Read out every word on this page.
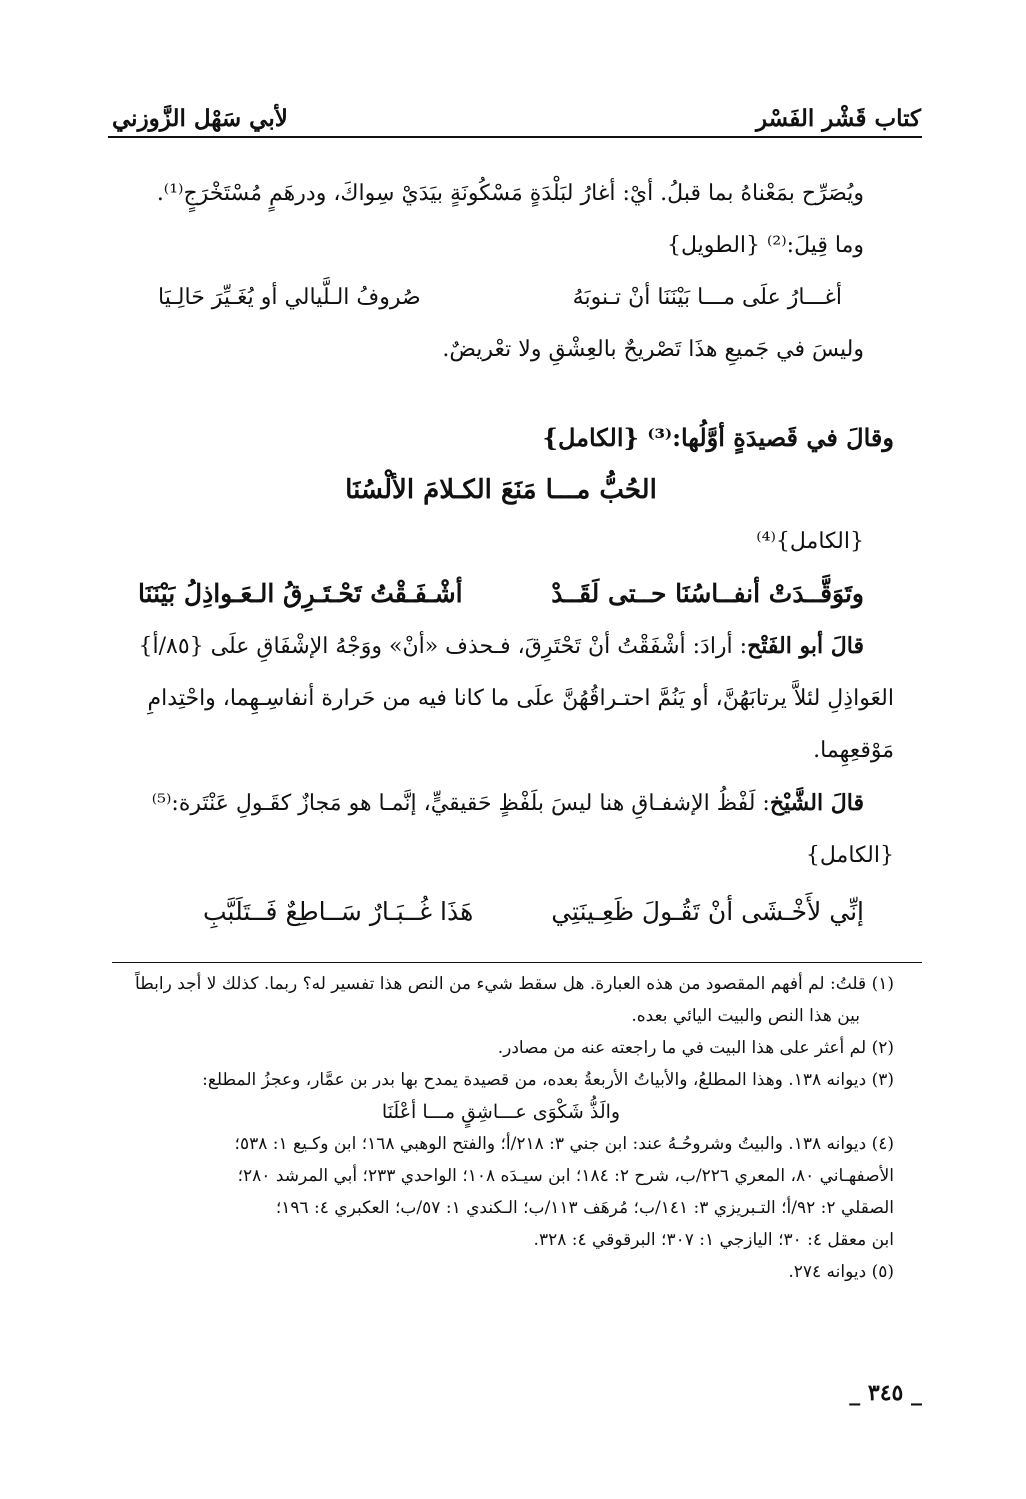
كتاب قَشْر الفَسْر
لأبي سَهْل الزَّوزني

ويُصَرِّح بمَعْناهُ بما قبلُ. أيْ: أغارُ لبَلْدَةٍ مَسْكُونَةٍ بيَدَيْ سِواكَ، ودرهَمٍ مُسْتَخْرَجٍ⁽¹⁾.

وما قِيلَ:⁽²⁾ {الطويل}

أغـــارُ علَى مـــا بَيْنَنَا أنْ تـنوبَهُ
صُروفُ الـلَّيالي أو يُغَـيِّرَ حَالِـيَا

وليسَ في جَميعِ هذَا تَصْريحٌ بالعِشْقِ ولا تعْريضٌ.

وقالَ في قَصيدَةٍ أوَّلُها:⁽³⁾ {الكامل}

الحُبُّ مـــا مَنَعَ الكـلامَ الألْسُنَا

{الكامل}⁽⁴⁾

وتَوَقَّــدَتْ أنفــاسُنَا حــتى لَقَــدْ
أشْـفَـقْتُ تَحْـتَـرِقُ الـعَـواذِلُ بَيْنَنَا

قالَ أبو الفَتْح: أرادَ: أشْفَقْتُ أنْ تَحْتَرِقَ، فـحذف «أنْ» ووَجْهُ الإشْفَاقِ علَى {٨٥/أ}

العَواذِلِ لئلاَّ يرتابَهُنَّ، أو يَنُمَّ احتـراقُهُنَّ علَى ما كانا فيه من حَرارة أنفاسِـهِما، واحْتِدامِ

مَوْقعِهِما.

قالَ الشَّيْخ: لَفْظُ الإشفـاقِ هنا ليسَ بلَفْظٍ حَقيقيٍّ، إنَّمـا هو مَجازٌ كقَـولِ عَنْتَرة:⁽⁵⁾

{الكامل}

إنِّي لأَخْـشَى أنْ تَقُـولَ ظَعِـينَتِي
هَذَا غُــبَـارٌ سَــاطِعٌ فَــتَلَبَّبِ

(١) قلتُ: لم أفهم المقصود من هذه العبارة. هل سقط شيء من النص هذا تفسير له؟ ربما. كذلك لا أجد رابطاً

بين هذا النص والبيت اليائي بعده.

(٢) لم أعثر على هذا البيت في ما راجعته عنه من مصادر.

(٣) ديوانه ١٣٨. وهذا المطلعُ، والأبياتُ الأربعةُ بعده، من قصيدة يمدح بها بدر بن عمَّار، وعجزُ المطلع:

والَذُّ شَكْوَى عـــاشِقٍ مـــا أعْلَنَا

(٤) ديوانه ١٣٨. والبيتُ وشروحُـهُ عند: ابن جني ٣: ٢١٨/أ؛ والفتح الوهبي ١٦٨؛ ابن وكـيع ١: ٥٣٨؛

الأصفهـاني ٨٠، المعري ٢٢٦/ب، شرح ٢: ١٨٤؛ ابن سيـدَه ١٠٨؛ الواحدي ٢٣٣؛ أبي المرشد ٢٨٠؛

الصقلي ٢: ٩٢/أ؛ التـبريزي ٣: ١٤١/ب؛ مُرهَف ١١٣/ب؛ الـكندي ١: ٥٧/ب؛ العكبري ٤: ١٩٦؛

ابن معقل ٤: ٣٠؛ اليازجي ١: ٣٠٧؛ البرقوقي ٤: ٣٢٨.

(٥) ديوانه ٢٧٤.

_ ٣٤٥ _
